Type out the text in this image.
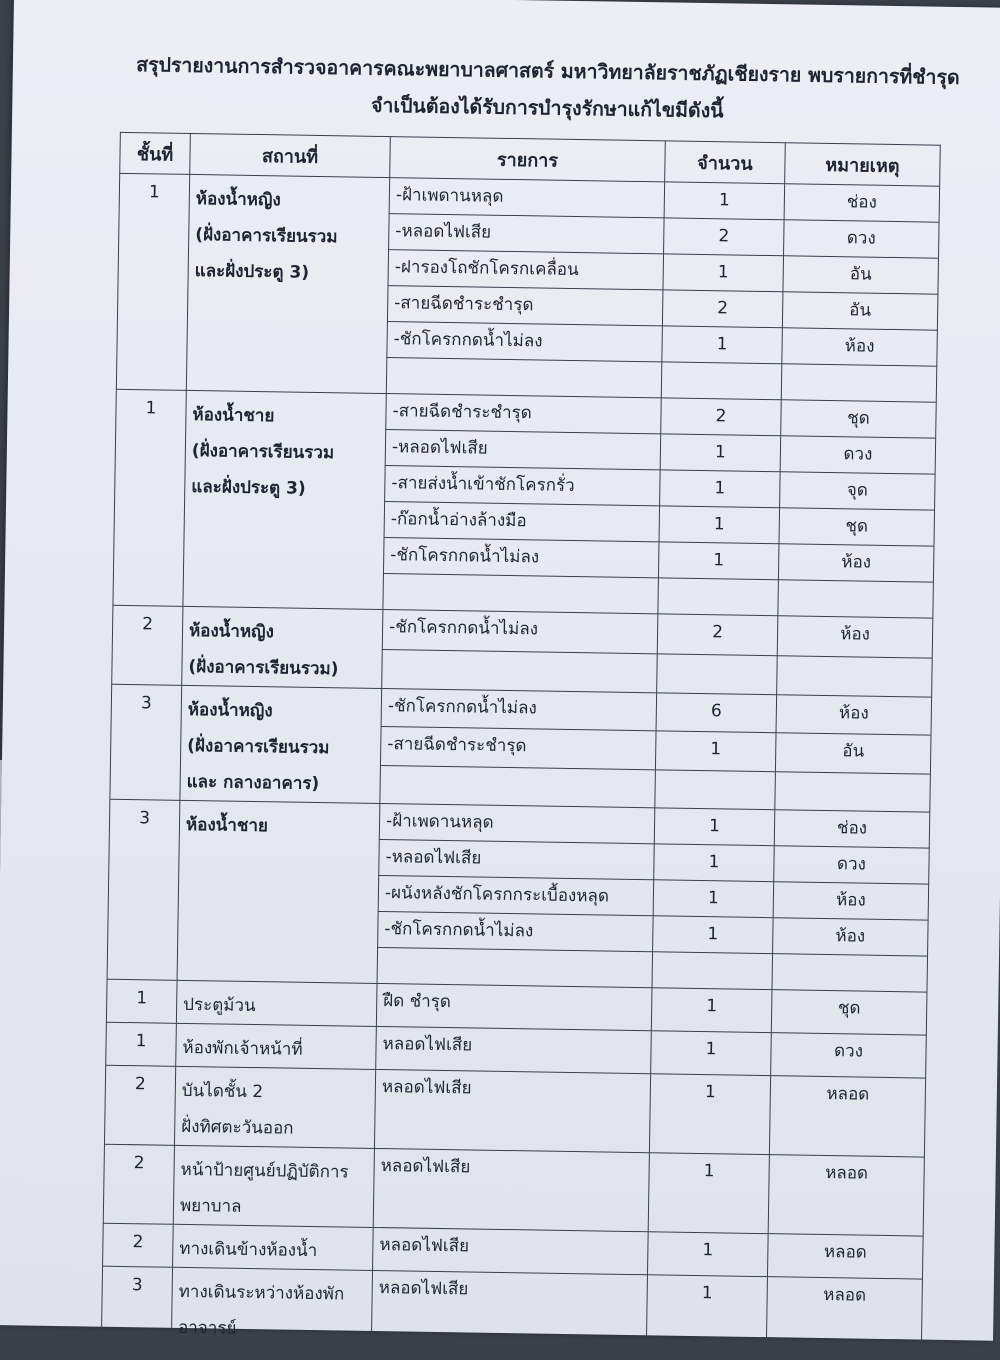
สรุปรายงานการสำรวจอาคารคณะพยาบาลศาสตร์ มหาวิทยาลัยราชภัฏเชียงราย พบรายการที่ชำรุด
จำเป็นต้องได้รับการบำรุงรักษาแก้ไขมีดังนี้
ชั้นที่	สถานที่	รายการ	จำนวน	หมายเหตุ
1	ห้องน้ำหญิง
(ฝั่งอาคารเรียนรวม
และฝั่งประตู 3)	-ฝ้าเพดานหลุด	1	ช่อง
		-หลอดไฟเสีย	2	ดวง
		-ฝารองโถชักโครกเคลื่อน	1	อัน
		-สายฉีดชำระชำรุด	2	อัน
		-ชักโครกกดน้ำไม่ลง	1	ห้อง

1	ห้องน้ำชาย
(ฝั่งอาคารเรียนรวม
และฝั่งประตู 3)	-สายฉีดชำระชำรุด	2	ชุด
		-หลอดไฟเสีย	1	ดวง
		-สายส่งน้ำเข้าชักโครกรั่ว	1	จุด
		-ก๊อกน้ำอ่างล้างมือ	1	ชุด
		-ชักโครกกดน้ำไม่ลง	1	ห้อง

2	ห้องน้ำหญิง
(ฝั่งอาคารเรียนรวม)	-ชักโครกกดน้ำไม่ลง	2	ห้อง

3	ห้องน้ำหญิง
(ฝั่งอาคารเรียนรวม
และ กลางอาคาร)	-ชักโครกกดน้ำไม่ลง	6	ห้อง
		-สายฉีดชำระชำรุด	1	อัน

3	ห้องน้ำชาย	-ฝ้าเพดานหลุด	1	ช่อง
		-หลอดไฟเสีย	1	ดวง
		-ผนังหลังชักโครกกระเบื้องหลุด	1	ห้อง
		-ชักโครกกดน้ำไม่ลง	1	ห้อง

1	ประตูม้วน	ฝืด ชำรุด	1	ชุด
1	ห้องพักเจ้าหน้าที่	หลอดไฟเสีย	1	ดวง
2	บันไดชั้น 2
ฝั่งทิศตะวันออก	หลอดไฟเสีย	1	หลอด
2	หน้าป้ายศูนย์ปฏิบัติการ
พยาบาล	หลอดไฟเสีย	1	หลอด
2	ทางเดินข้างห้องน้ำ	หลอดไฟเสีย	1	หลอด
3	ทางเดินระหว่างห้องพัก
อาจารย์	หลอดไฟเสีย	1	หลอด
